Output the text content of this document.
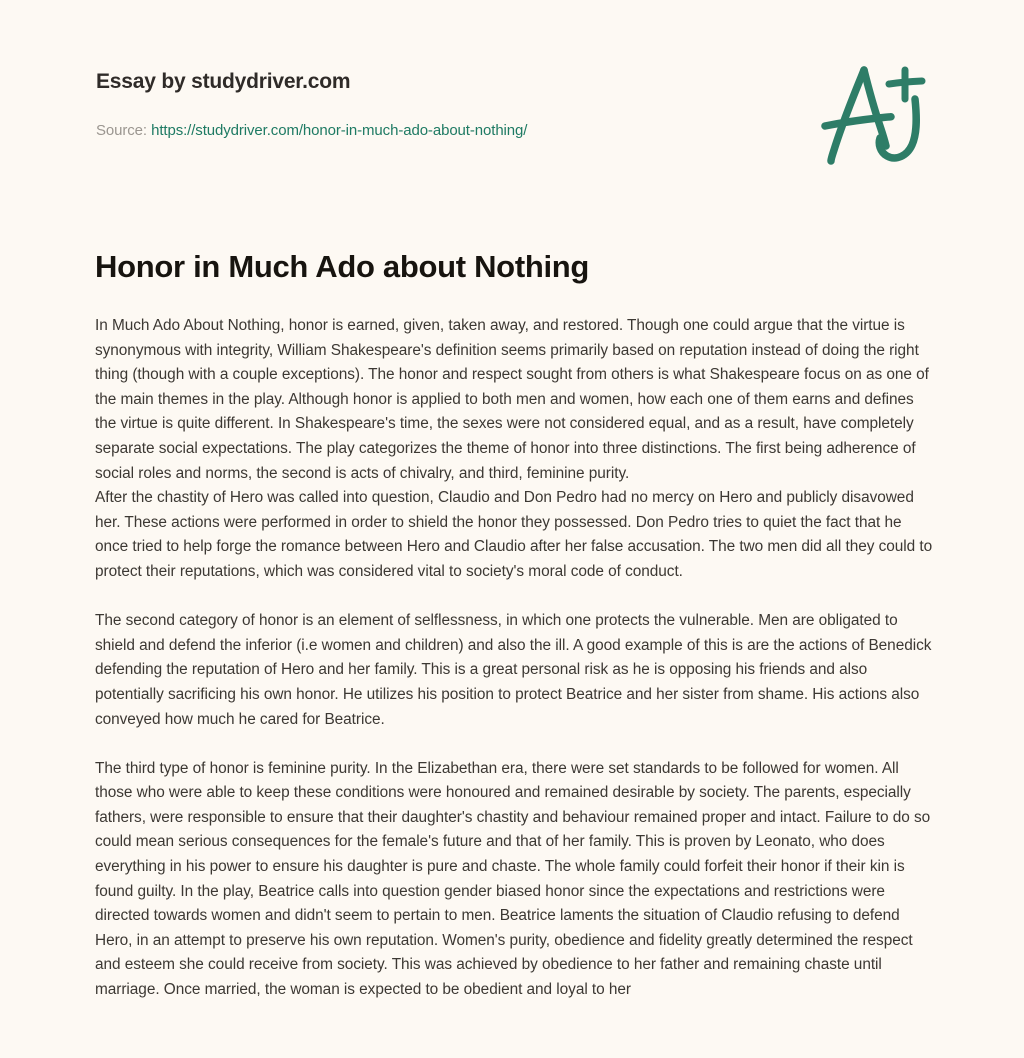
Essay by studydriver.com
Source: https://studydriver.com/honor-in-much-ado-about-nothing/
Honor in Much Ado about Nothing

In Much Ado About Nothing, honor is earned, given, taken away, and restored. Though one could argue that the virtue is synonymous with integrity, William Shakespeare's definition seems primarily based on reputation instead of doing the right thing (though with a couple exceptions). The honor and respect sought from others is what Shakespeare focus on as one of the main themes in the play. Although honor is applied to both men and women, how each one of them earns and defines the virtue is quite different. In Shakespeare's time, the sexes were not considered equal, and as a result, have completely separate social expectations. The play categorizes the theme of honor into three distinctions. The first being adherence of social roles and norms, the second is acts of chivalry, and third, feminine purity.

After the chastity of Hero was called into question, Claudio and Don Pedro had no mercy on Hero and publicly disavowed her. These actions were performed in order to shield the honor they possessed. Don Pedro tries to quiet the fact that he once tried to help forge the romance between Hero and Claudio after her false accusation. The two men did all they could to protect their reputations, which was considered vital to society's moral code of conduct.

The second category of honor is an element of selflessness, in which one protects the vulnerable. Men are obligated to shield and defend the inferior (i.e women and children) and also the ill. A good example of this is are the actions of Benedick defending the reputation of Hero and her family. This is a great personal risk as he is opposing his friends and also potentially sacrificing his own honor. He utilizes his position to protect Beatrice and her sister from shame. His actions also conveyed how much he cared for Beatrice.

The third type of honor is feminine purity. In the Elizabethan era, there were set standards to be followed for women. All those who were able to keep these conditions were honoured and remained desirable by society. The parents, especially fathers, were responsible to ensure that their daughter's chastity and behaviour remained proper and intact. Failure to do so could mean serious consequences for the female's future and that of her family. This is proven by Leonato, who does everything in his power to ensure his daughter is pure and chaste. The whole family could forfeit their honor if their kin is found guilty. In the play, Beatrice calls into question gender biased honor since the expectations and restrictions were directed towards women and didn't seem to pertain to men. Beatrice laments the situation of Claudio refusing to defend Hero, in an attempt to preserve his own reputation. Women's purity, obedience and fidelity greatly determined the respect and esteem she could receive from society. This was achieved by obedience to her father and remaining chaste until marriage. Once married, the woman is expected to be obedient and loyal to her
